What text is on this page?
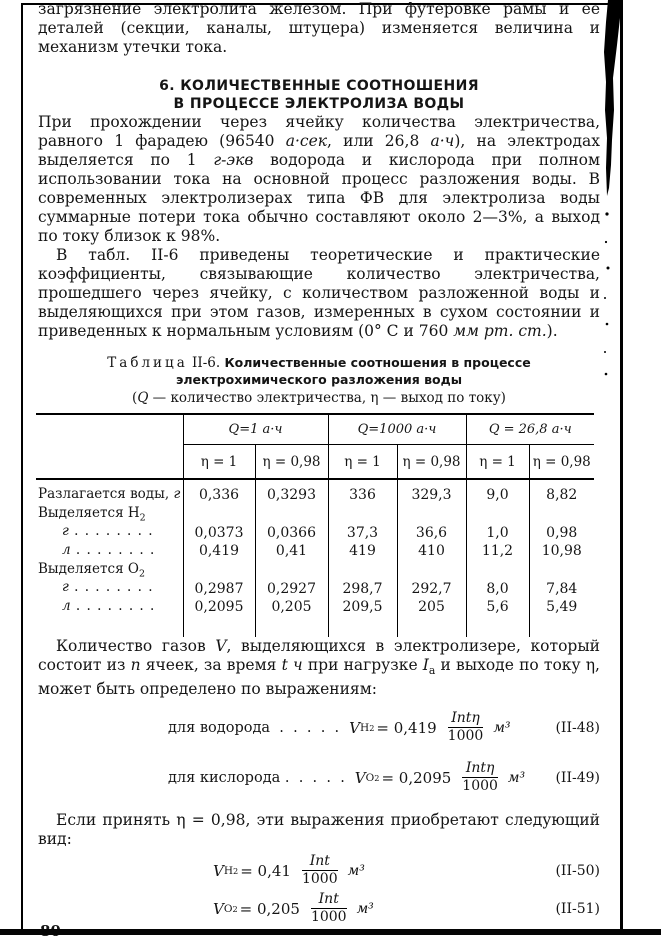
загрязнение электролита железом. При футеровке рамы и ее деталей (секции, каналы, штуцера) изменяется величина и механизм утечки тока.

6. КОЛИЧЕСТВЕННЫЕ СООТНОШЕНИЯ
В ПРОЦЕССЕ ЭЛЕКТРОЛИЗА ВОДЫ

При прохождении через ячейку количества электричества, равного 1 фарадею (96540 а·сек, или 26,8 а·ч), на электродах выделяется по 1 г-экв водорода и кислорода при полном использовании тока на основной процесс разложения воды. В современных электролизерах типа ФВ для электролиза воды суммарные потери тока обычно составляют около 2—3%, а выход по току близок к 98%.

В табл. II-6 приведены теоретические и практические коэффициенты, связывающие количество электричества, прошедшего через ячейку, с количеством разложенной воды и выделяющихся при этом газов, измеренных в сухом состоянии и приведенных к нормальным условиям (0° С и 760 мм рт. ст.).

Таблица II-6. Количественные соотношения в процессе
электрохимического разложения воды
(Q — количество электричества, η — выход по току)
	Q=1 а·ч		Q=1000 а·ч		Q = 26,8 а·ч	
	η = 1	η = 0,98	η = 1	η = 0,98	η = 1	η = 0,98
Разлагается воды, г	0,336	0,3293	336	329,3	9,0	8,82
Выделяется $Н_2$						
г . . . . . . . .	0,0373	0,0366	37,3	36,6	1,0	0,98
л . . . . . . . .	0,419	0,41	419	410	11,2	10,98
Выделяется $О_2$						
г . . . . . . . .	0,2987	0,2927	298,7	292,7	8,0	7,84
л . . . . . . . .	0,2095	0,205	209,5	205	5,6	5,49

Количество газов V, выделяющихся в электролизере, который состоит из n ячеек, за время t ч при нагрузке $I_a$ и выходе по току η, может быть определено по выражениям:

для водорода  .  .  .  .  . V $H2 = 0,419 \frac{\text{Intη}}{1000} м^3$	(II-48)
для кислорода .  .  .  .  . V $O2 = 0,2095 \frac{\text{Intη}}{1000} м^3$ (II-49)

Если принять η = 0,98, эти выражения приобретают следующий вид:

V $H2 = 0,41 \frac{\text{Int}}{1000} м^3$	(II-50)
V $O2 = 0,205 \frac{\text{Int}}{1000} м^3$	(II-51)
